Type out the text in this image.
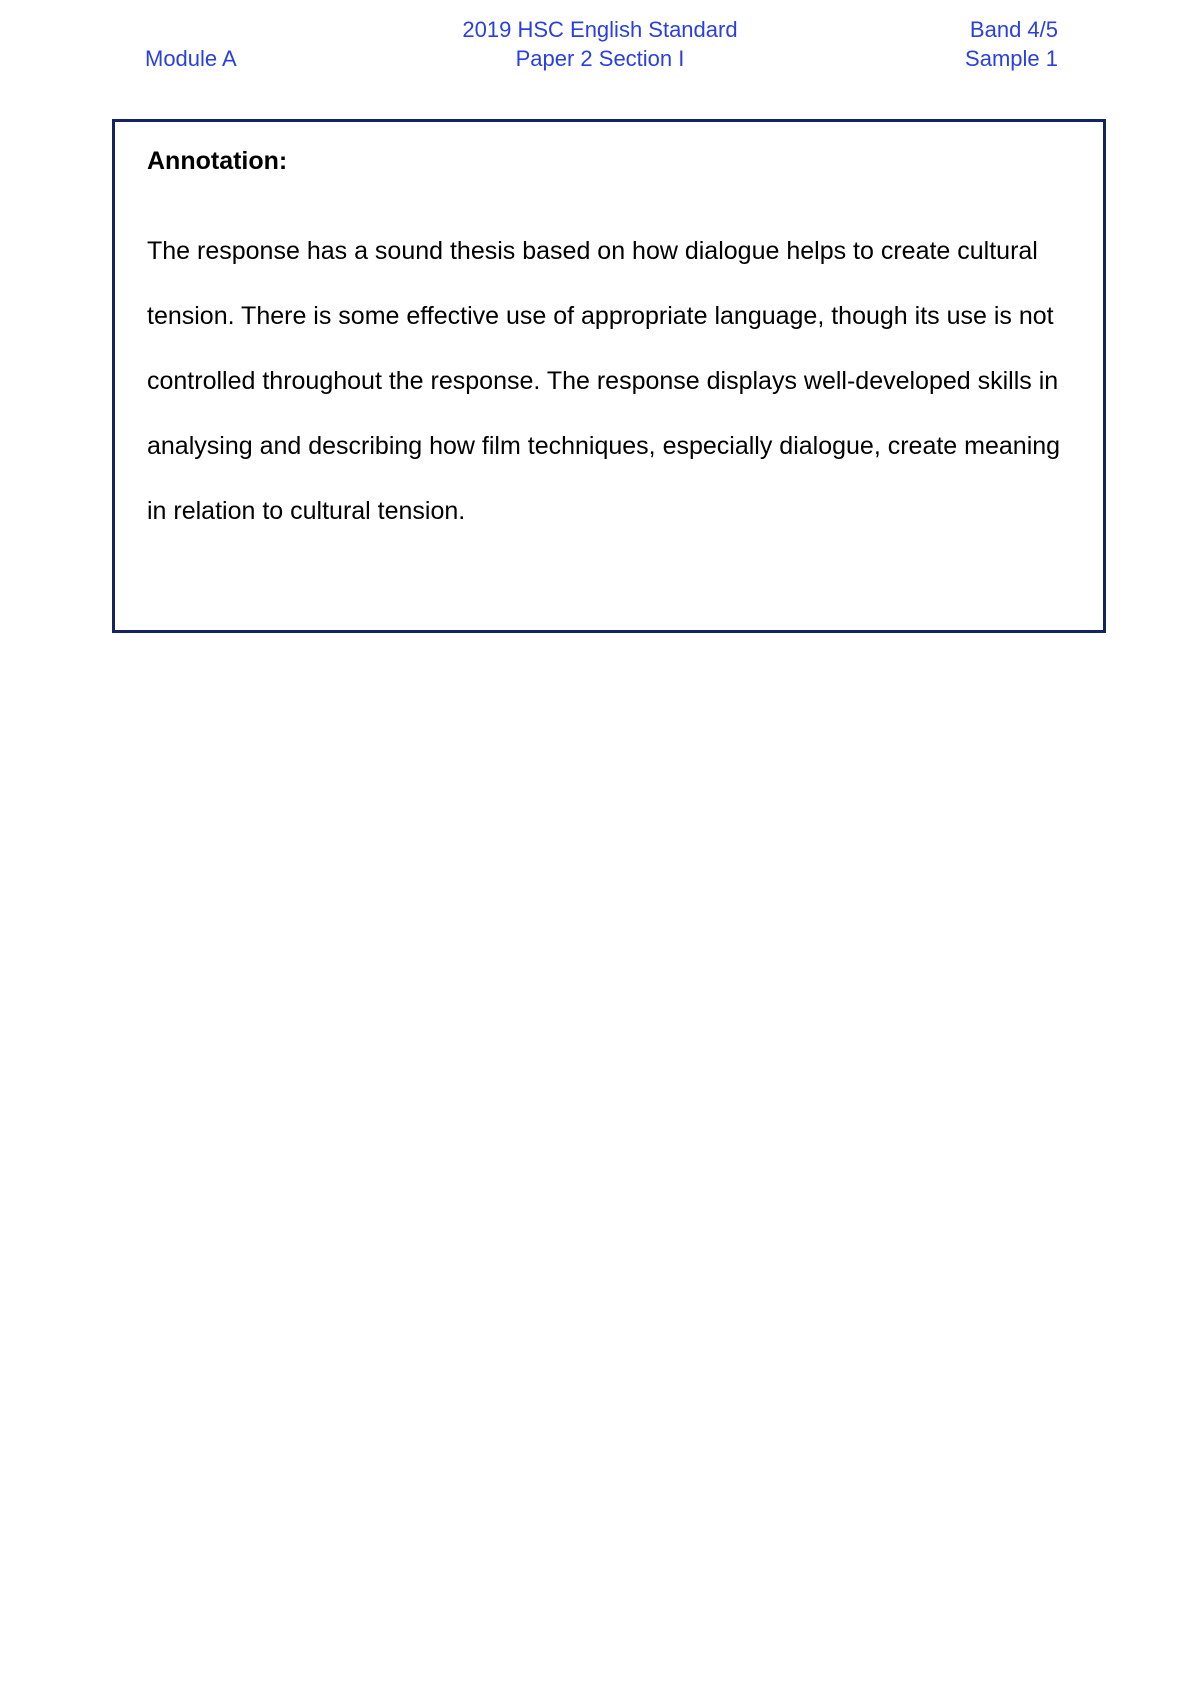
Module A
2019 HSC English Standard
Paper 2 Section I
Band 4/5
Sample 1
Annotation:

The response has a sound thesis based on how dialogue helps to create cultural tension. There is some effective use of appropriate language, though its use is not controlled throughout the response. The response displays well-developed skills in analysing and describing how film techniques, especially dialogue, create meaning in relation to cultural tension.
